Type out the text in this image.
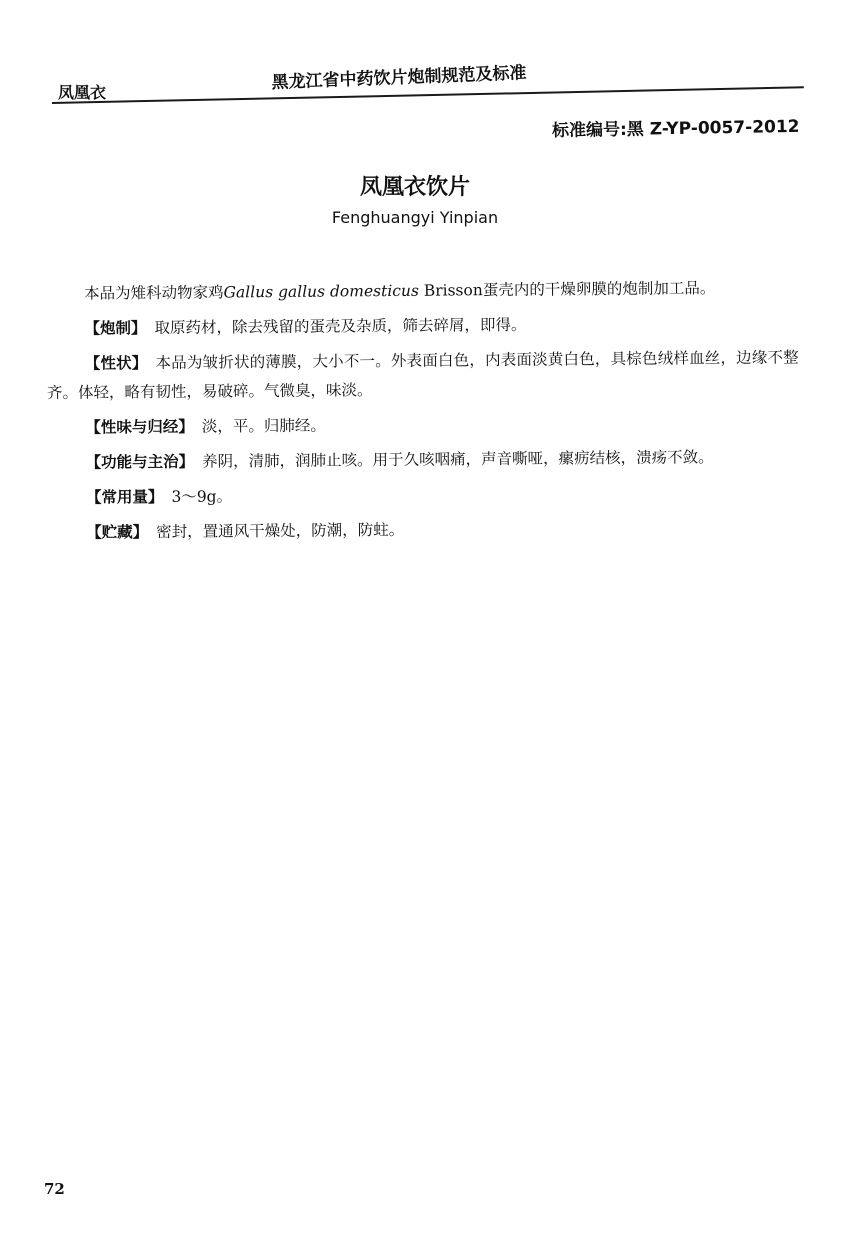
凤凰衣	黑龙江省中药饮片炮制规范及标准
标准编号:黑 Z-YP-0057-2012
凤凰衣饮片
Fenghuangyi Yinpian

本品为雉科动物家鸡Gallus gallus domesticus Brisson蛋壳内的干燥卵膜的炮制加工品。

【炮制】 取原药材，除去残留的蛋壳及杂质，筛去碎屑，即得。

【性状】 本品为皱折状的薄膜，大小不一。外表面白色，内表面淡黄白色，具棕色绒样血丝，边缘不整齐。体轻，略有韧性，易破碎。气微臭，味淡。

【性味与归经】 淡，平。归肺经。

【功能与主治】 养阴，清肺，润肺止咳。用于久咳咽痛，声音嘶哑，瘰疬结核，溃疡不敛。

【常用量】 3～9g。

【贮藏】 密封，置通风干燥处，防潮，防蛀。

72
